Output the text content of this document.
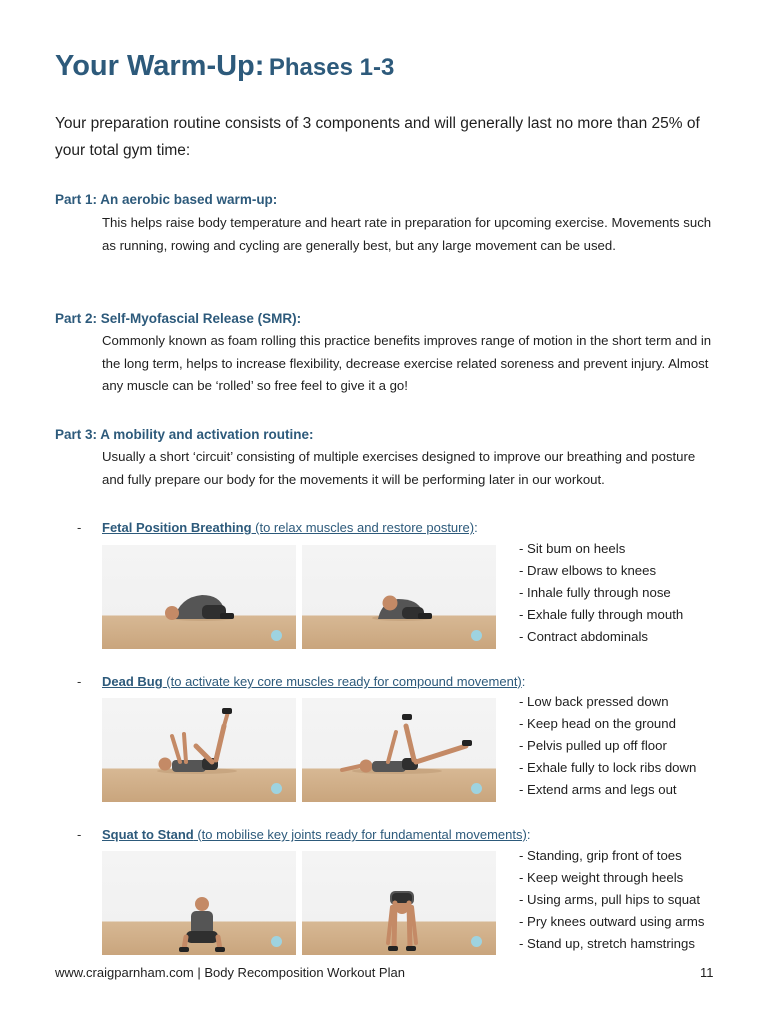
Your Warm-Up: Phases 1-3
Your preparation routine consists of 3 components and will generally last no more than 25% of your total gym time:
Part 1: An aerobic based warm-up:
This helps raise body temperature and heart rate in preparation for upcoming exercise. Movements such as running, rowing and cycling are generally best, but any large movement can be used.
Part 2: Self-Myofascial Release (SMR):
Commonly known as foam rolling this practice benefits improves range of motion in the short term and in the long term, helps to increase flexibility, decrease exercise related soreness and prevent injury. Almost any muscle can be ‘rolled’ so free feel to give it a go!
Part 3: A mobility and activation routine:
Usually a short ‘circuit’ consisting of multiple exercises designed to improve our breathing and posture and fully prepare our body for the movements it will be performing later in our workout.
- Fetal Position Breathing (to relax muscles and restore posture):
- Sit bum on heels
- Draw elbows to knees
- Inhale fully through nose
- Exhale fully through mouth
- Contract abdominals
- Dead Bug (to activate key core muscles ready for compound movement):
- Low back pressed down
- Keep head on the ground
- Pelvis pulled up off floor
- Exhale fully to lock ribs down
- Extend arms and legs out
- Squat to Stand (to mobilise key joints ready for fundamental movements):
- Standing, grip front of toes
- Keep weight through heels
- Using arms, pull hips to squat
- Pry knees outward using arms
- Stand up, stretch hamstrings
www.craigparnham.com | Body Recomposition Workout Plan	11
